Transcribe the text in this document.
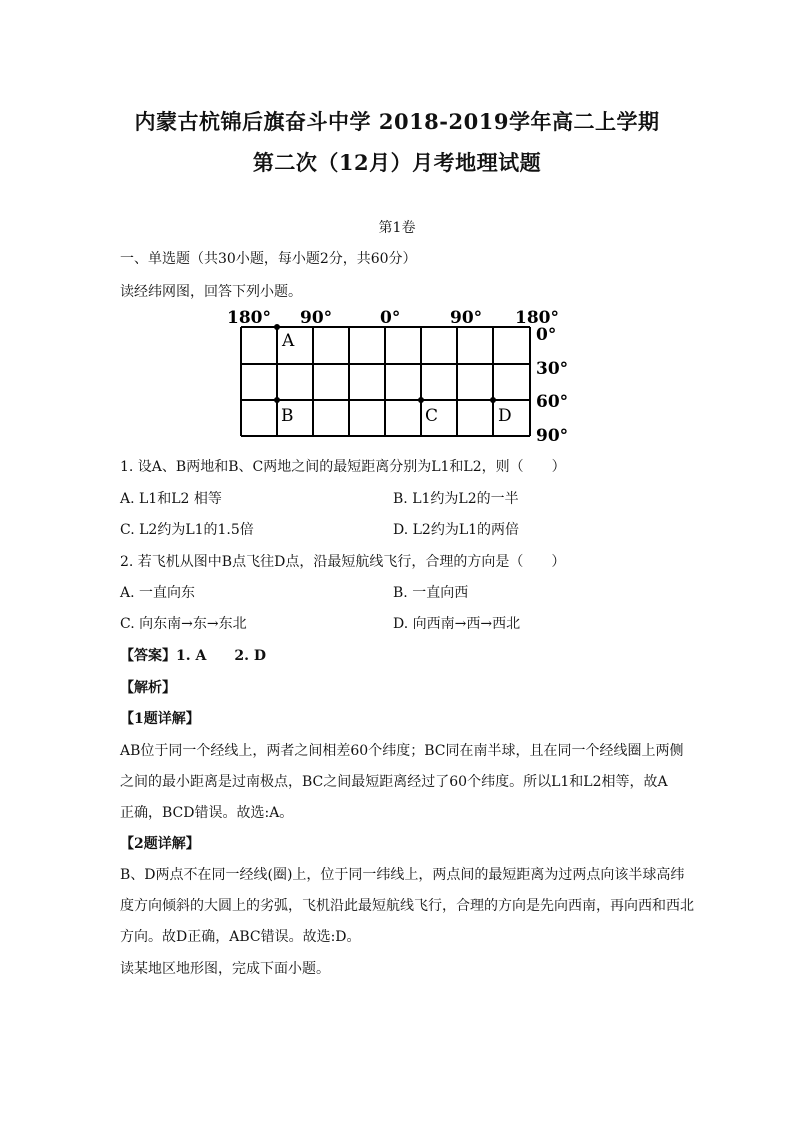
内蒙古杭锦后旗奋斗中学 2018-2019学年高二上学期
第二次（12月）月考地理试题
第1卷
一、单选题（共30小题，每小题2分，共60分）
读经纬网图，回答下列小题。
180° 90°	0°	90° 180°
0°
30°
60°
90°
A
B	C	D
1. 设A、B两地和B、C两地之间的最短距离分别为L1和L2，则（　　）
A. L1和L2 相等	B. L1约为L2的一半
C. L2约为L1的1.5倍	D. L2约为L1的两倍
2. 若飞机从图中B点飞往D点，沿最短航线飞行，合理的方向是（　　）
A. 一直向东	B. 一直向西
C. 向东南→东→东北	D. 向西南→西→西北
【答案】1. A　　2. D
【解析】
【1题详解】
AB位于同一个经线上，两者之间相差60个纬度；BC同在南半球，且在同一个经线圈上两侧
之间的最小距离是过南极点，BC之间最短距离经过了60个纬度。所以L1和L2相等，故A
正确，BCD错误。故选:A。
【2题详解】
B、D两点不在同一经线(圈)上，位于同一纬线上，两点间的最短距离为过两点向该半球高纬
度方向倾斜的大圆上的劣弧，飞机沿此最短航线飞行，合理的方向是先向西南，再向西和西北
方向。故D正确，ABC错误。故选:D。
读某地区地形图，完成下面小题。
